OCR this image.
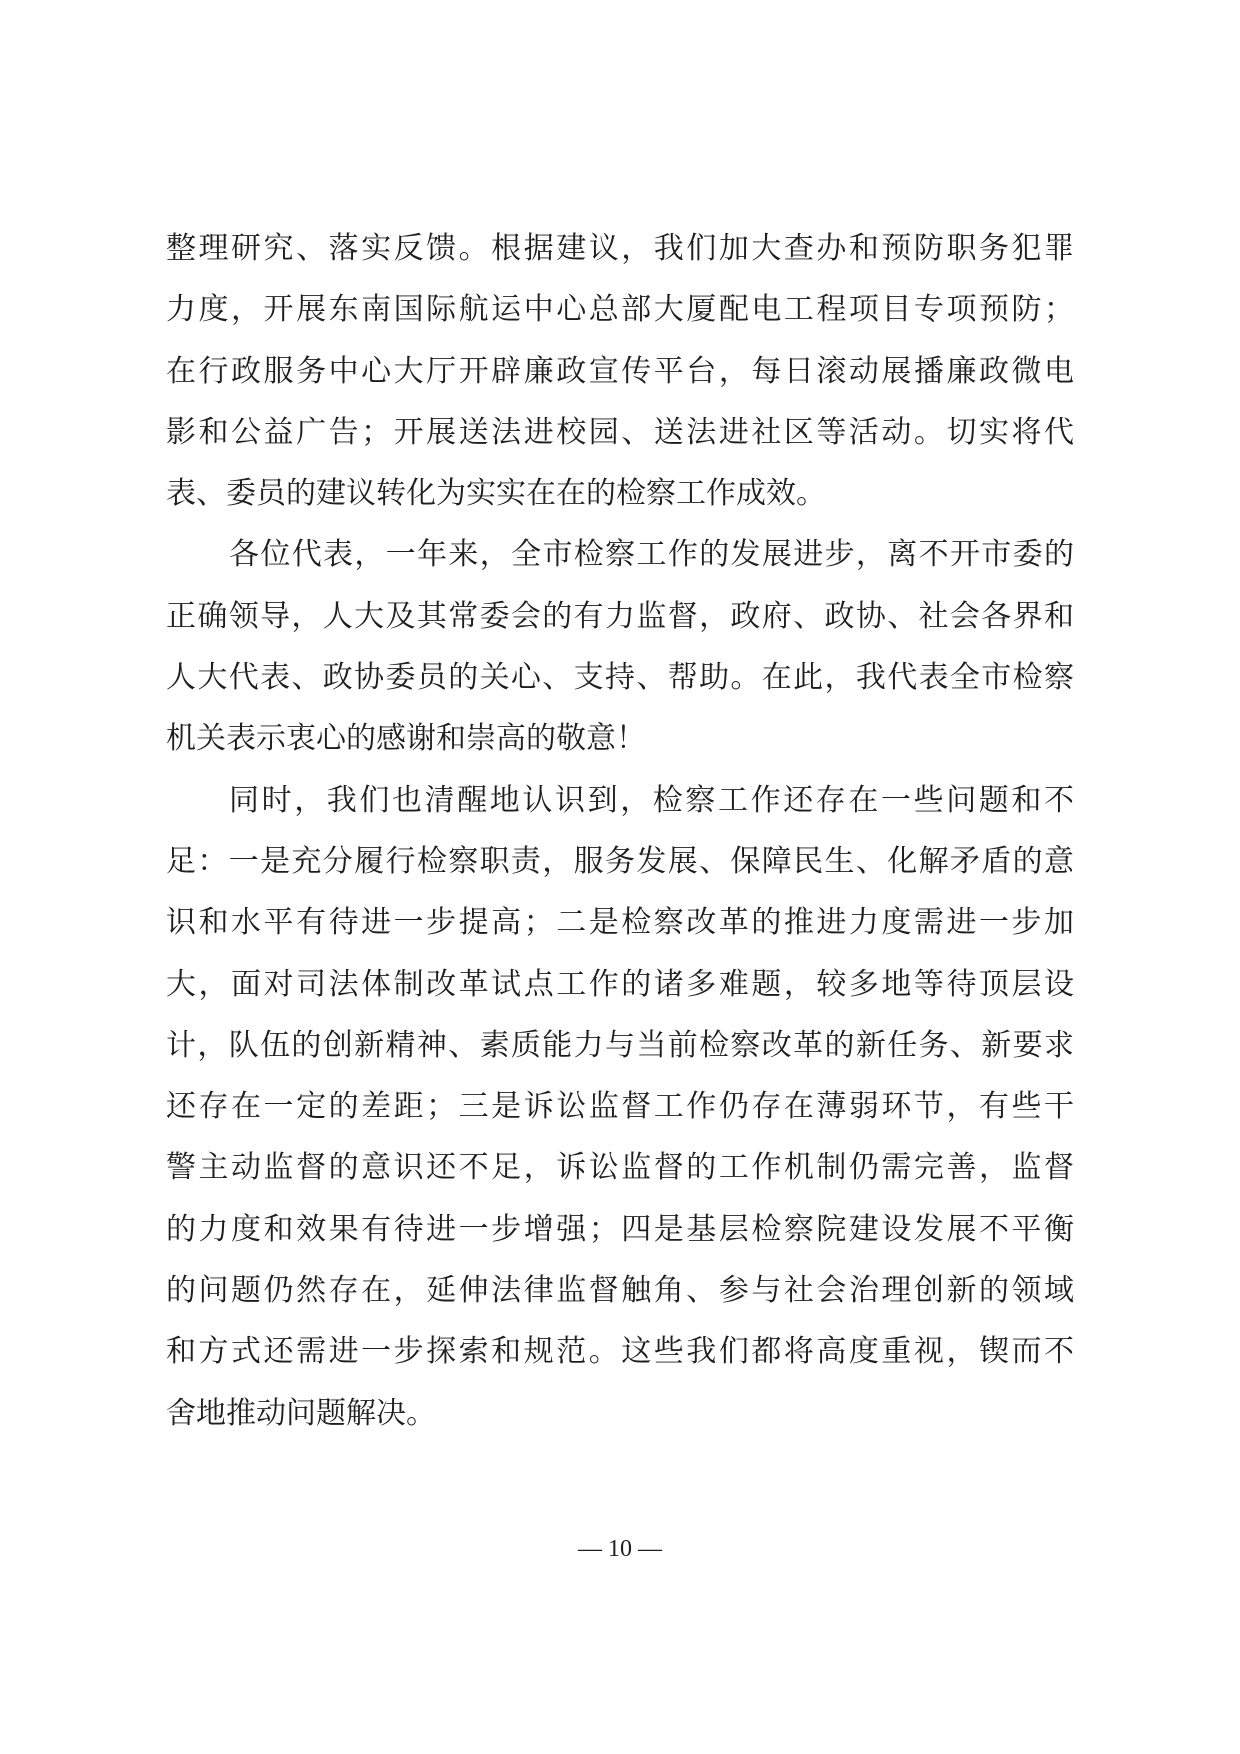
整理研究、落实反馈。根据建议，我们加大查办和预防职务犯罪
力度，开展东南国际航运中心总部大厦配电工程项目专项预防；
在行政服务中心大厅开辟廉政宣传平台，每日滚动展播廉政微电
影和公益广告；开展送法进校园、送法进社区等活动。切实将代
表、委员的建议转化为实实在在的检察工作成效。
各位代表，一年来，全市检察工作的发展进步，离不开市委的
正确领导，人大及其常委会的有力监督，政府、政协、社会各界和
人大代表、政协委员的关心、支持、帮助。在此，我代表全市检察
机关表示衷心的感谢和崇高的敬意！
同时，我们也清醒地认识到，检察工作还存在一些问题和不
足：一是充分履行检察职责，服务发展、保障民生、化解矛盾的意
识和水平有待进一步提高；二是检察改革的推进力度需进一步加
大，面对司法体制改革试点工作的诸多难题，较多地等待顶层设
计，队伍的创新精神、素质能力与当前检察改革的新任务、新要求
还存在一定的差距；三是诉讼监督工作仍存在薄弱环节，有些干
警主动监督的意识还不足，诉讼监督的工作机制仍需完善，监督
的力度和效果有待进一步增强；四是基层检察院建设发展不平衡
的问题仍然存在，延伸法律监督触角、参与社会治理创新的领域
和方式还需进一步探索和规范。这些我们都将高度重视，锲而不
舍地推动问题解决。
— 10 —
